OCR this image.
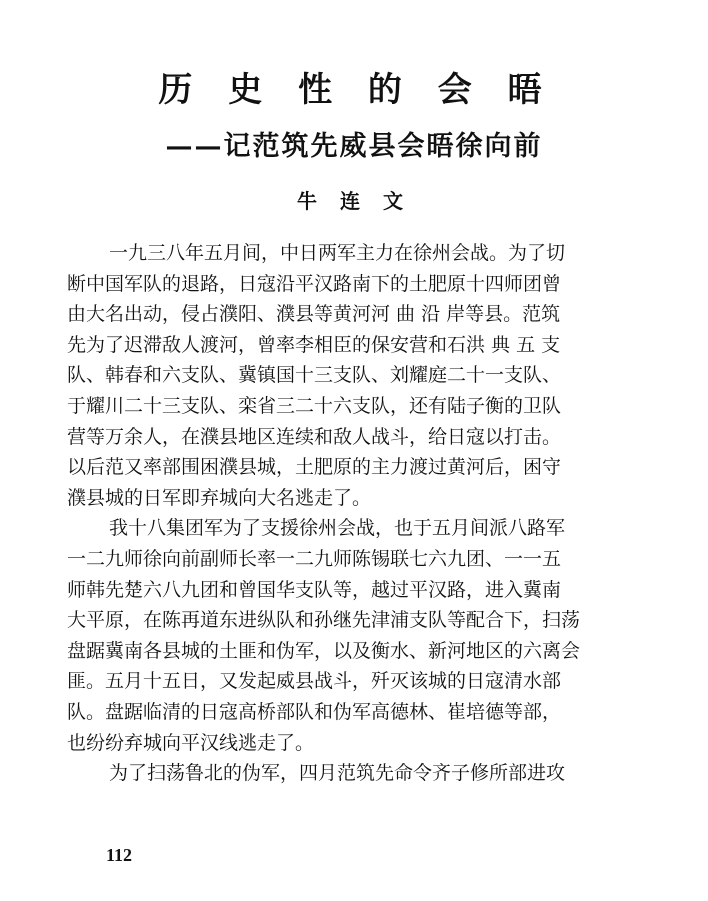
历 史 性 的 会 晤
——记范筑先威县会晤徐向前
牛 连 文
一九三八年五月间，中日两军主力在徐州会战。为了切
断中国军队的退路，日寇沿平汉路南下的土肥原十四师团曾
由大名出动，侵占濮阳、濮县等黄河河 曲 沿 岸等县。范筑
先为了迟滞敌人渡河，曾率李相臣的保安营和石洪 典 五 支
队、韩春和六支队、冀镇国十三支队、刘耀庭二十一支队、
于耀川二十三支队、栾省三二十六支队，还有陆子衡的卫队
营等万余人，在濮县地区连续和敌人战斗，给日寇以打击。
以后范又率部围困濮县城，土肥原的主力渡过黄河后，困守
濮县城的日军即弃城向大名逃走了。
我十八集团军为了支援徐州会战，也于五月间派八路军
一二九师徐向前副师长率一二九师陈锡联七六九团、一一五
师韩先楚六八九团和曾国华支队等，越过平汉路，进入冀南
大平原，在陈再道东进纵队和孙继先津浦支队等配合下，扫荡
盘踞冀南各县城的土匪和伪军，以及衡水、新河地区的六离会
匪。五月十五日，又发起威县战斗，歼灭该城的日寇清水部
队。盘踞临清的日寇高桥部队和伪军高德林、崔培德等部，
也纷纷弃城向平汉线逃走了。
为了扫荡鲁北的伪军，四月范筑先命令齐子修所部进攻
112
